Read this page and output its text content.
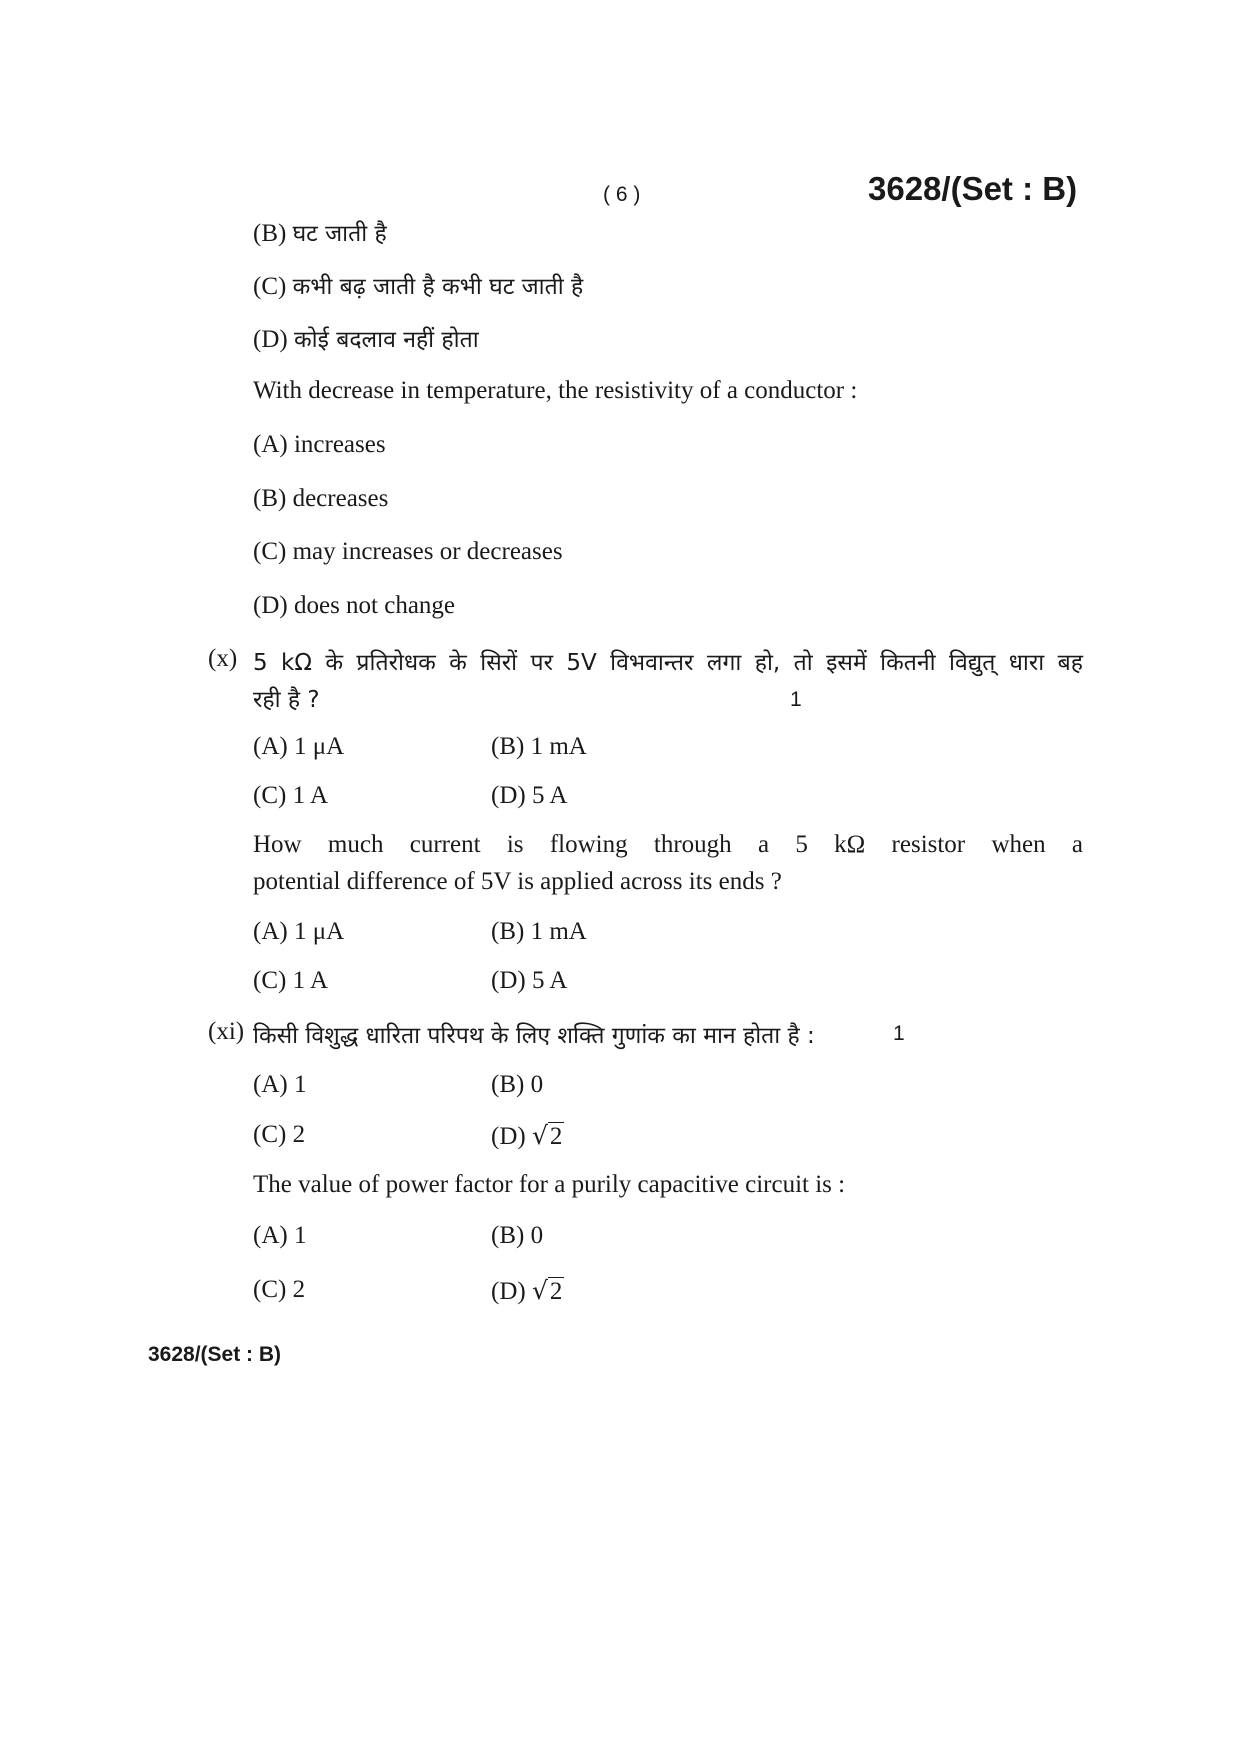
( 6 )	3628/(Set : B)
(B) घट जाती है
(C) कभी बढ़ जाती है कभी घट जाती है
(D) कोई बदलाव नहीं होता
With decrease in temperature, the resistivity of a conductor :
(A) increases
(B) decreases
(C) may increases or decreases
(D) does not change
(x) 5 kΩ के प्रतिरोधक के सिरों पर 5V विभवान्तर लगा हो, तो इसमें कितनी विद्युत् धारा बह
रही है ?	1
(A) 1 μA	(B) 1 mA
(C) 1 A	(D) 5 A
How much current is flowing through a 5 kΩ resistor when a
potential difference of 5V is applied across its ends ?
(A) 1 μA	(B) 1 mA
(C) 1 A	(D) 5 A
(xi) किसी विशुद्ध धारिता परिपथ के लिए शक्ति गुणांक का मान होता है :	1
(A) 1	(B) 0
(C) 2	(D) √2
The value of power factor for a purily capacitive circuit is :
(A) 1	(B) 0
(C) 2	(D) √2
3628/(Set : B)
